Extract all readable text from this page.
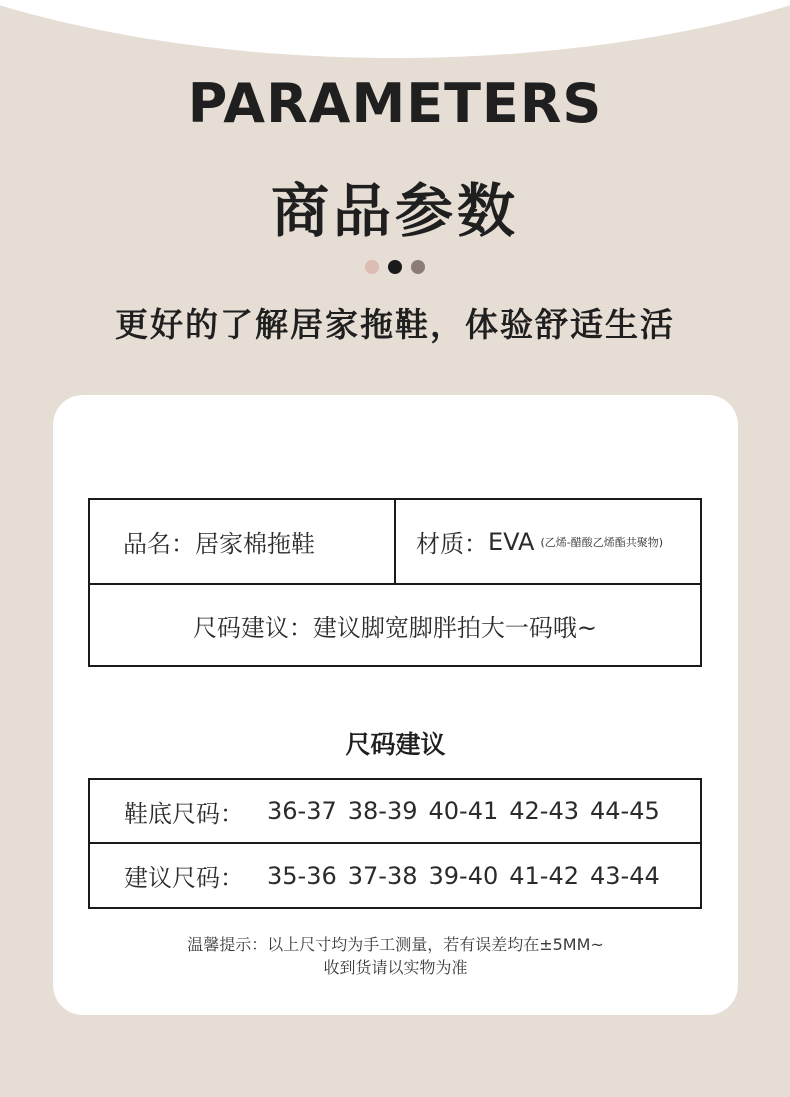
PARAMETERS
商品参数

更好的了解居家拖鞋，体验舒适生活

品名： 居家棉拖鞋	材质： EVA (乙烯-醋酸乙烯酯共聚物)
尺码建议：建议脚宽脚胖拍大一码哦~
尺码建议
鞋底尺码： 36-37 38-39 40-41 42-43 44-45
建议尺码： 35-36 37-38 39-40 41-42 43-44

温馨提示：以上尺寸均为手工测量，若有误差均在±5MM~
收到货请以实物为准
